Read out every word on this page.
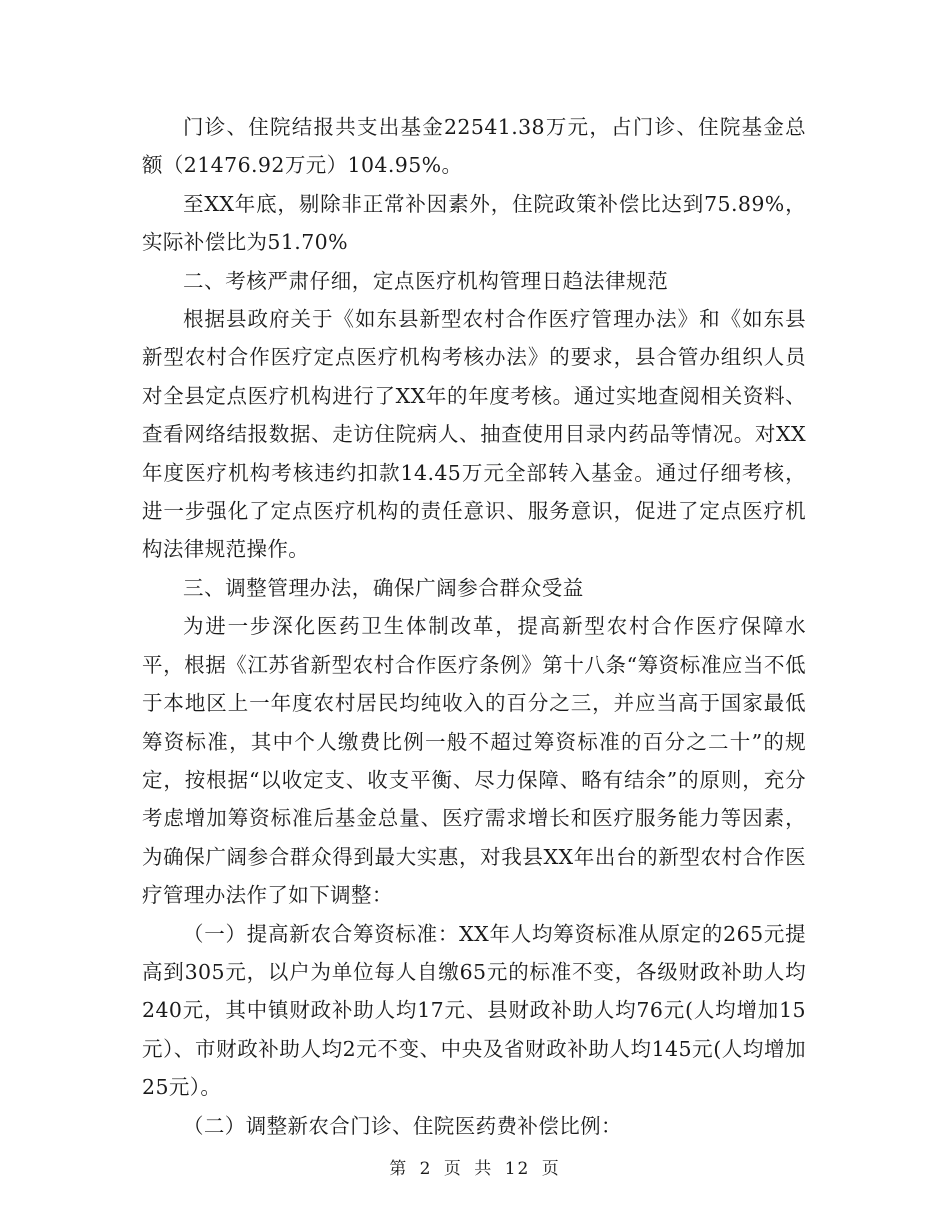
门诊、住院结报共支出基金22541.38万元，占门诊、住院基金总额（21476.92万元）104.95%。

至XX年底，剔除非正常补因素外，住院政策补偿比达到75.89%，实际补偿比为51.70%

二、考核严肃仔细，定点医疗机构管理日趋法律规范

根据县政府关于《如东县新型农村合作医疗管理办法》和《如东县新型农村合作医疗定点医疗机构考核办法》的要求，县合管办组织人员对全县定点医疗机构进行了XX年的年度考核。通过实地查阅相关资料、查看网络结报数据、走访住院病人、抽查使用目录内药品等情况。对XX年度医疗机构考核违约扣款14.45万元全部转入基金。通过仔细考核，进一步强化了定点医疗机构的责任意识、服务意识，促进了定点医疗机构法律规范操作。

三、调整管理办法，确保广阔参合群众受益

为进一步深化医药卫生体制改革，提高新型农村合作医疗保障水平，根据《江苏省新型农村合作医疗条例》第十八条“筹资标准应当不低于本地区上一年度农村居民均纯收入的百分之三，并应当高于国家最低筹资标准，其中个人缴费比例一般不超过筹资标准的百分之二十”的规定，按根据“以收定支、收支平衡、尽力保障、略有结余”的原则，充分考虑增加筹资标准后基金总量、医疗需求增长和医疗服务能力等因素，为确保广阔参合群众得到最大实惠，对我县XX年出台的新型农村合作医疗管理办法作了如下调整：

（一）提高新农合筹资标准：XX年人均筹资标准从原定的265元提高到305元，以户为单位每人自缴65元的标准不变，各级财政补助人均240元，其中镇财政补助人均17元、县财政补助人均76元(人均增加15元）、市财政补助人均2元不变、中央及省财政补助人均145元(人均增加25元）。

（二）调整新农合门诊、住院医药费补偿比例：

第 2 页 共 12 页
